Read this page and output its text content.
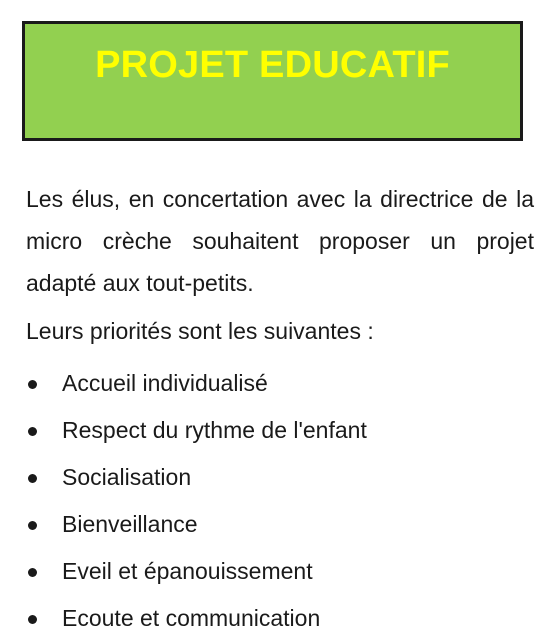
PROJET EDUCATIF

Les élus, en concertation avec la directrice de la micro crèche souhaitent proposer un projet adapté aux tout-petits.

Leurs priorités sont les suivantes :

Accueil individualisé
Respect du rythme de l'enfant
Socialisation
Bienveillance
Eveil et épanouissement
Ecoute et communication
